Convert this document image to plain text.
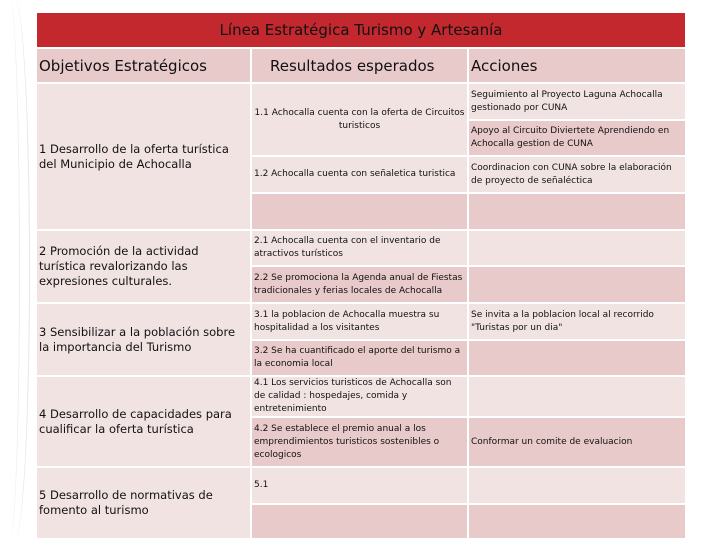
Línea Estratégica Turismo y Artesanía		
Objetivos Estratégicos	Resultados esperados	Acciones
1 Desarrollo de la oferta turística del Municipio de Achocalla	1.1 Achocalla cuenta con la oferta de Circuitos turisticos	Seguimiento al Proyecto Laguna Achocalla gestionado por CUNA
		Apoyo al Circuito Diviertete Aprendiendo en Achocalla gestion de CUNA
	1.2 Achocalla cuenta con señaletica turistica	Coordinacion con CUNA sobre la elaboración de proyecto de señaléctica

2 Promoción de la actividad turística revalorizando las expresiones culturales.	2.1 Achocalla cuenta con el inventario de atractivos turísticos	
	2.2 Se promociona la Agenda anual de Fiestas tradicionales y ferias locales de Achocalla	
3 Sensibilizar a la población sobre la importancia del Turismo	3.1 la poblacion de Achocalla muestra su hospitalidad a los visitantes	Se invita a la poblacion local al recorrido "Turistas por un dia"
	3.2 Se ha cuantificado el aporte del turismo a la economia local	
4 Desarrollo de capacidades para cualificar la oferta turística	4.1 Los servicios turisticos de Achocalla son de calidad : hospedajes, comida y entretenimiento	
	4.2 Se establece el premio anual a los emprendimientos turisticos sostenibles o ecologicos	Conformar un comite de evaluacion
5 Desarrollo de normativas de fomento al turismo	5.1	
